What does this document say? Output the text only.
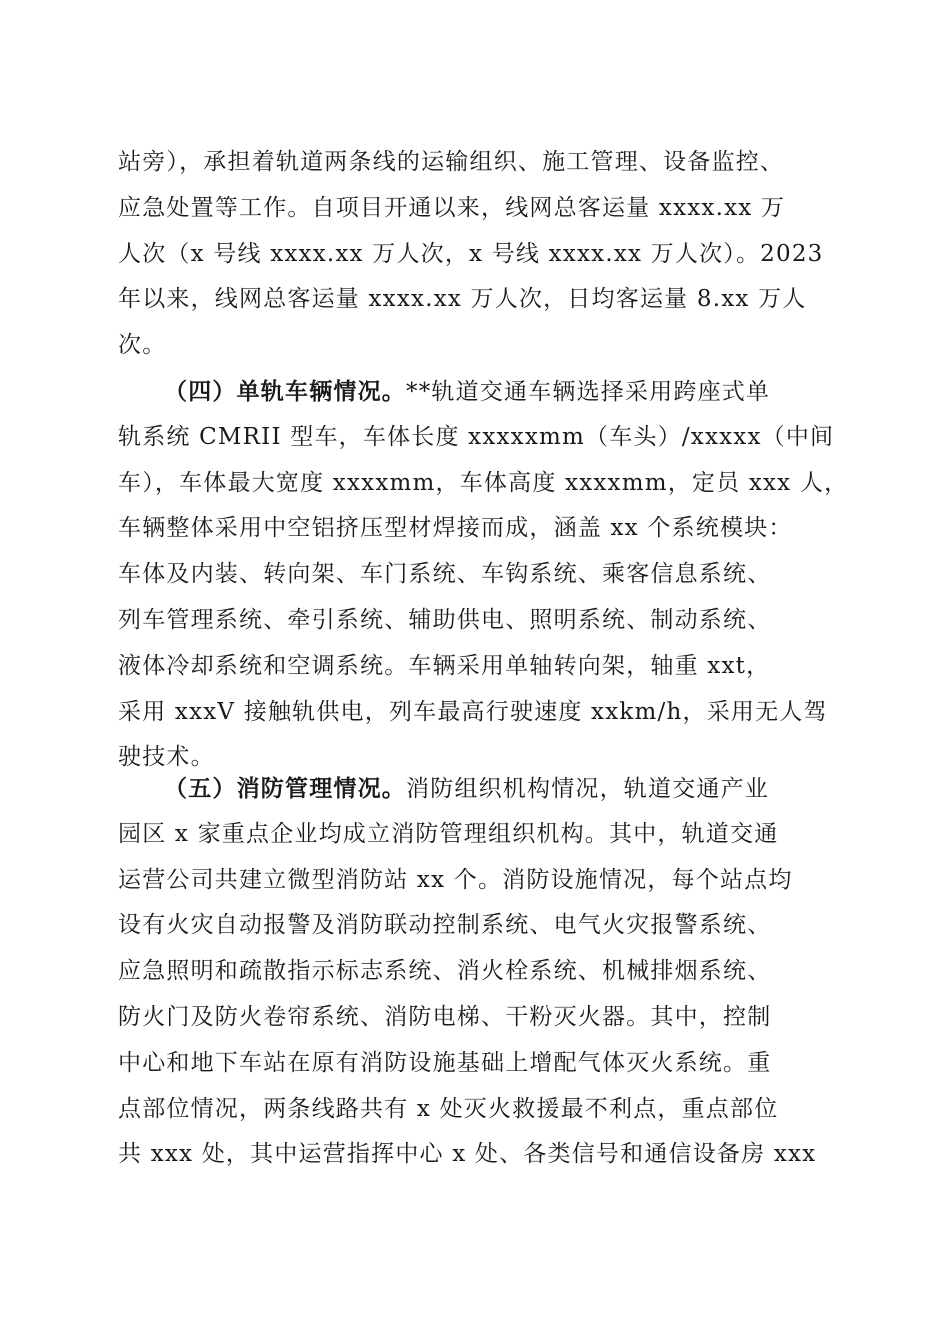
站旁），承担着轨道两条线的运输组织、施工管理、设备监控、
应急处置等工作。自项目开通以来，线网总客运量 xxxx.xx 万
人次（x 号线 xxxx.xx 万人次，x 号线 xxxx.xx 万人次）。2023
年以来，线网总客运量 xxxx.xx 万人次，日均客运量 8.xx 万人
次。
（四）单轨车辆情况。**轨道交通车辆选择采用跨座式单
轨系统 CMRII 型车，车体长度 xxxxxmm（车头）/xxxxx（中间
车），车体最大宽度 xxxxmm，车体高度 xxxxmm，定员 xxx 人，
车辆整体采用中空铝挤压型材焊接而成，涵盖 xx 个系统模块：
车体及内装、转向架、车门系统、车钩系统、乘客信息系统、
列车管理系统、牵引系统、辅助供电、照明系统、制动系统、
液体冷却系统和空调系统。车辆采用单轴转向架，轴重 xxt，
采用 xxxV 接触轨供电，列车最高行驶速度 xxkm/h，采用无人驾
驶技术。
（五）消防管理情况。消防组织机构情况，轨道交通产业
园区 x 家重点企业均成立消防管理组织机构。其中，轨道交通
运营公司共建立微型消防站 xx 个。消防设施情况，每个站点均
设有火灾自动报警及消防联动控制系统、电气火灾报警系统、
应急照明和疏散指示标志系统、消火栓系统、机械排烟系统、
防火门及防火卷帘系统、消防电梯、干粉灭火器。其中，控制
中心和地下车站在原有消防设施基础上增配气体灭火系统。重
点部位情况，两条线路共有 x 处灭火救援最不利点，重点部位
共 xxx 处，其中运营指挥中心 x 处、各类信号和通信设备房 xxx
